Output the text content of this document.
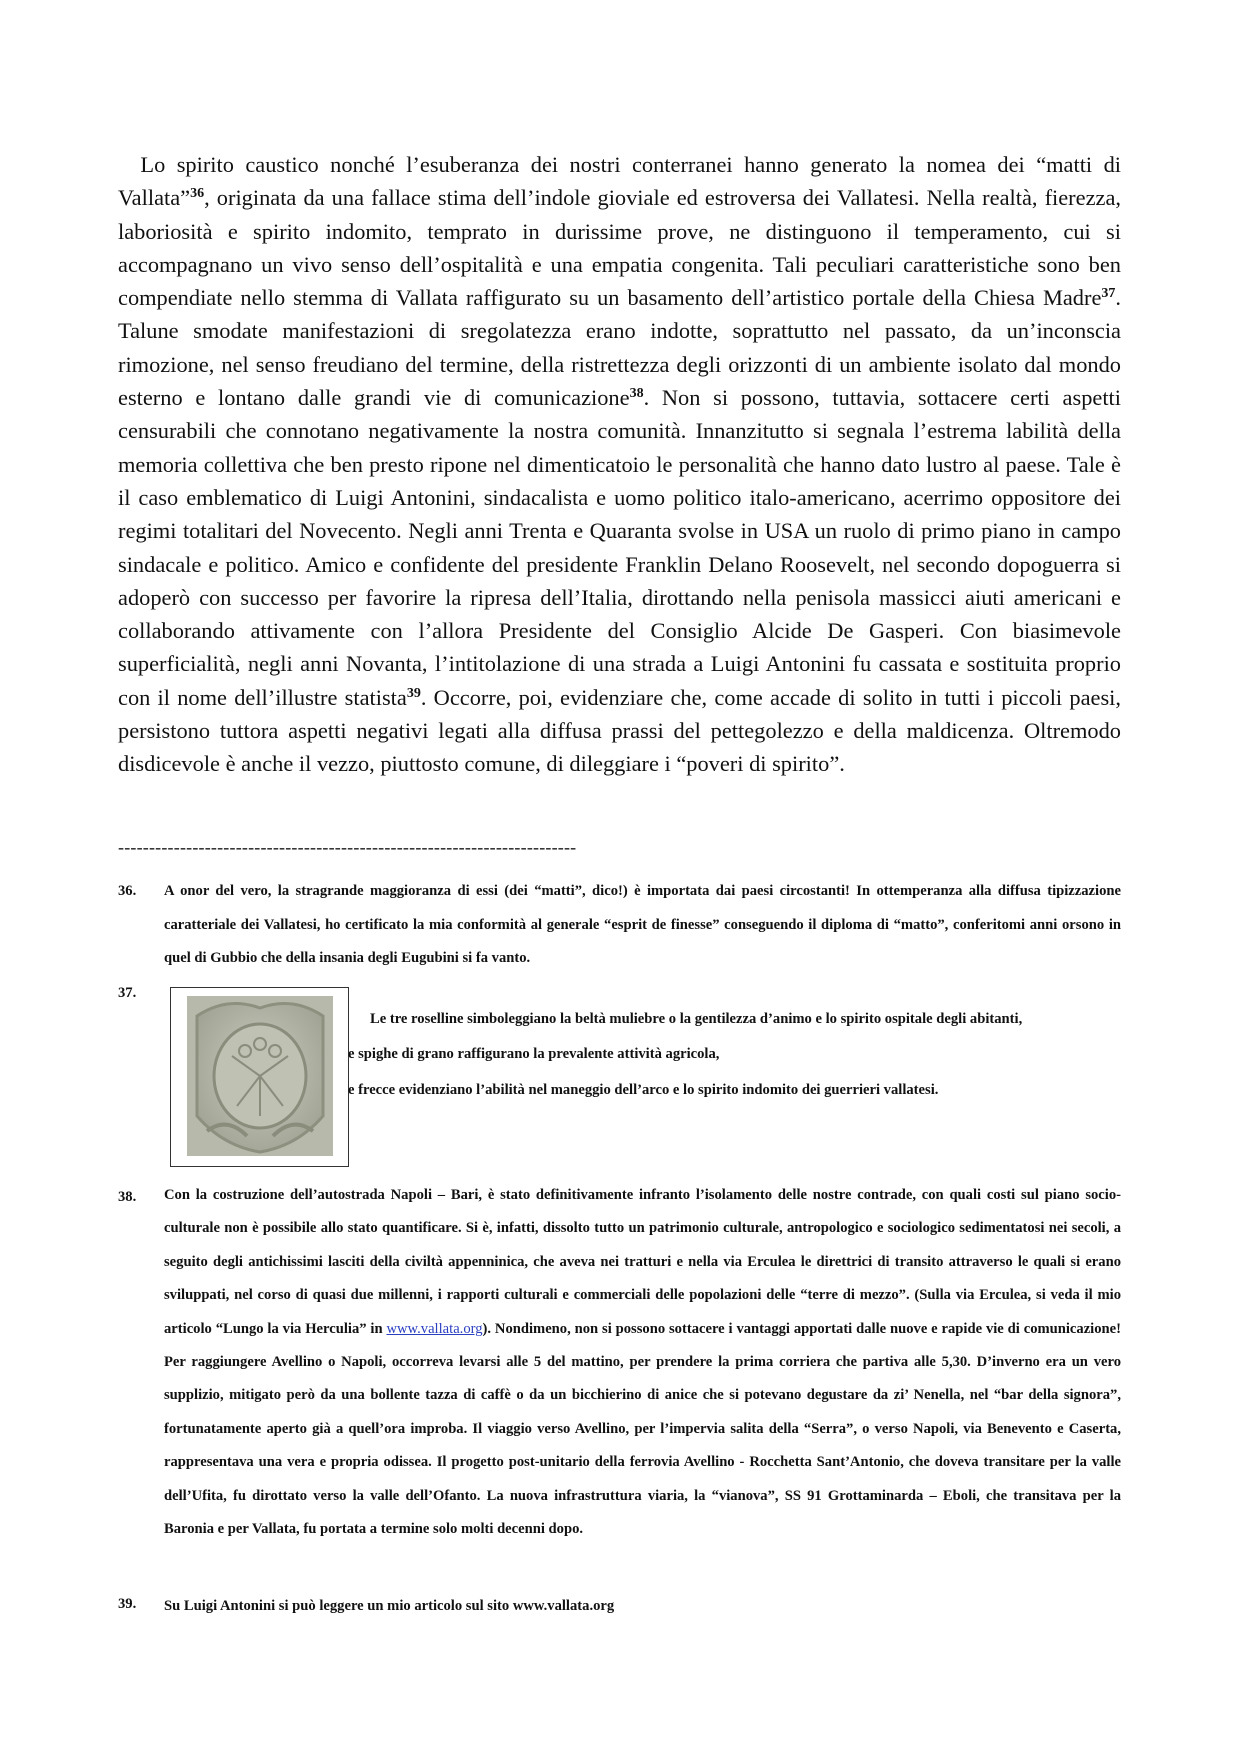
 Lo spirito caustico nonché l’esuberanza dei nostri conterranei hanno generato la nomea dei “matti di Vallata”$^{36}$, originata da una fallace stima dell’indole gioviale ed estroversa dei Vallatesi. Nella realtà, fierezza, laboriosità e spirito indomito, temprato in durissime prove, ne distinguono il temperamento, cui si accompagnano un vivo senso dell’ospitalità e una empatia congenita. Tali peculiari caratteristiche sono ben compendiate nello stemma di Vallata raffigurato su un basamento dell’artistico portale della Chiesa Madre$^{37}$. Talune smodate manifestazioni di sregolatezza erano indotte, soprattutto nel passato, da un’inconscia rimozione, nel senso freudiano del termine, della ristrettezza degli orizzonti di un ambiente isolato dal mondo esterno e lontano dalle grandi vie di comunicazione$^{38}$. Non si possono, tuttavia, sottacere certi aspetti censurabili che connotano negativamente la nostra comunità. Innanzitutto si segnala l’estrema labilità della memoria collettiva che ben presto ripone nel dimenticatoio le personalità che hanno dato lustro al paese. Tale è il caso emblematico di Luigi Antonini, sindacalista e uomo politico italo-americano, acerrimo oppositore dei regimi totalitari del Novecento. Negli anni Trenta e Quaranta svolse in USA un ruolo di primo piano in campo sindacale e politico. Amico e confidente del presidente Franklin Delano Roosevelt, nel secondo dopoguerra si adoperò con successo per favorire la ripresa dell’Italia, dirottando nella penisola massicci aiuti americani e collaborando attivamente con l’allora Presidente del Consiglio Alcide De Gasperi. Con biasimevole superficialità, negli anni Novanta, l’intitolazione di una strada a Luigi Antonini fu cassata e sostituita proprio con il nome dell’illustre statista$^{39}$. Occorre, poi, evidenziare che, come accade di solito in tutti i piccoli paesi, persistono tuttora aspetti negativi legati alla diffusa prassi del pettegolezzo e della maldicenza. Oltremodo disdicevole è anche il vezzo, piuttosto comune, di dileggiare i “poveri di spirito”.

--------------------------------------------------------------------------
36.	A onor del vero, la stragrande maggioranza di essi (dei “matti”, dico!) è importata dai paesi circostanti! In ottemperanza alla diffusa tipizzazione caratteriale dei Vallatesi, ho certificato la mia conformità al generale “esprit de finesse” conseguendo il diploma di “matto”, conferitomi anni orsono in quel di Gubbio che della insania degli Eugubini si fa vanto.
37.
Le tre roselline simboleggiano la beltà muliebre o la gentilezza d’animo e lo spirito ospitale degli abitanti,
e spighe di grano raffigurano la prevalente attività agricola,
e frecce evidenziano l’abilità nel maneggio dell’arco e lo spirito indomito dei guerrieri vallatesi.
38.	Con la costruzione dell’autostrada Napoli – Bari, è stato definitivamente infranto l’isolamento delle nostre contrade, con quali costi sul piano socio-culturale non è possibile allo stato quantificare. Si è, infatti, dissolto tutto un patrimonio culturale, antropologico e sociologico sedimentatosi nei secoli, a seguito degli antichissimi lasciti della civiltà appenninica, che aveva nei tratturi e nella via Erculea le direttrici di transito attraverso le quali si erano sviluppati, nel corso di quasi due millenni, i rapporti culturali e commerciali delle popolazioni delle “terre di mezzo”. (Sulla via Erculea, si veda il mio articolo “Lungo la via Herculia” in www.vallata.org). Nondimeno, non si possono sottacere i vantaggi apportati dalle nuove e rapide vie di comunicazione! Per raggiungere Avellino o Napoli, occorreva levarsi alle 5 del mattino, per prendere la prima corriera che partiva alle 5,30. D’inverno era un vero supplizio, mitigato però da una bollente tazza di caffè o da un bicchierino di anice che si potevano degustare da zi’ Nenella, nel “bar della signora”, fortunatamente aperto già a quell’ora improba. Il viaggio verso Avellino, per l’impervia salita della “Serra”, o verso Napoli, via Benevento e Caserta, rappresentava una vera e propria odissea. Il progetto post-unitario della ferrovia Avellino - Rocchetta Sant’Antonio, che doveva transitare per la valle dell’Ufita, fu dirottato verso la valle dell’Ofanto. La nuova infrastruttura viaria, la “vianova”, SS 91 Grottaminarda – Eboli, che transitava per la Baronia e per Vallata, fu portata a termine solo molti decenni dopo.
39.	Su Luigi Antonini si può leggere un mio articolo sul sito www.vallata.org
